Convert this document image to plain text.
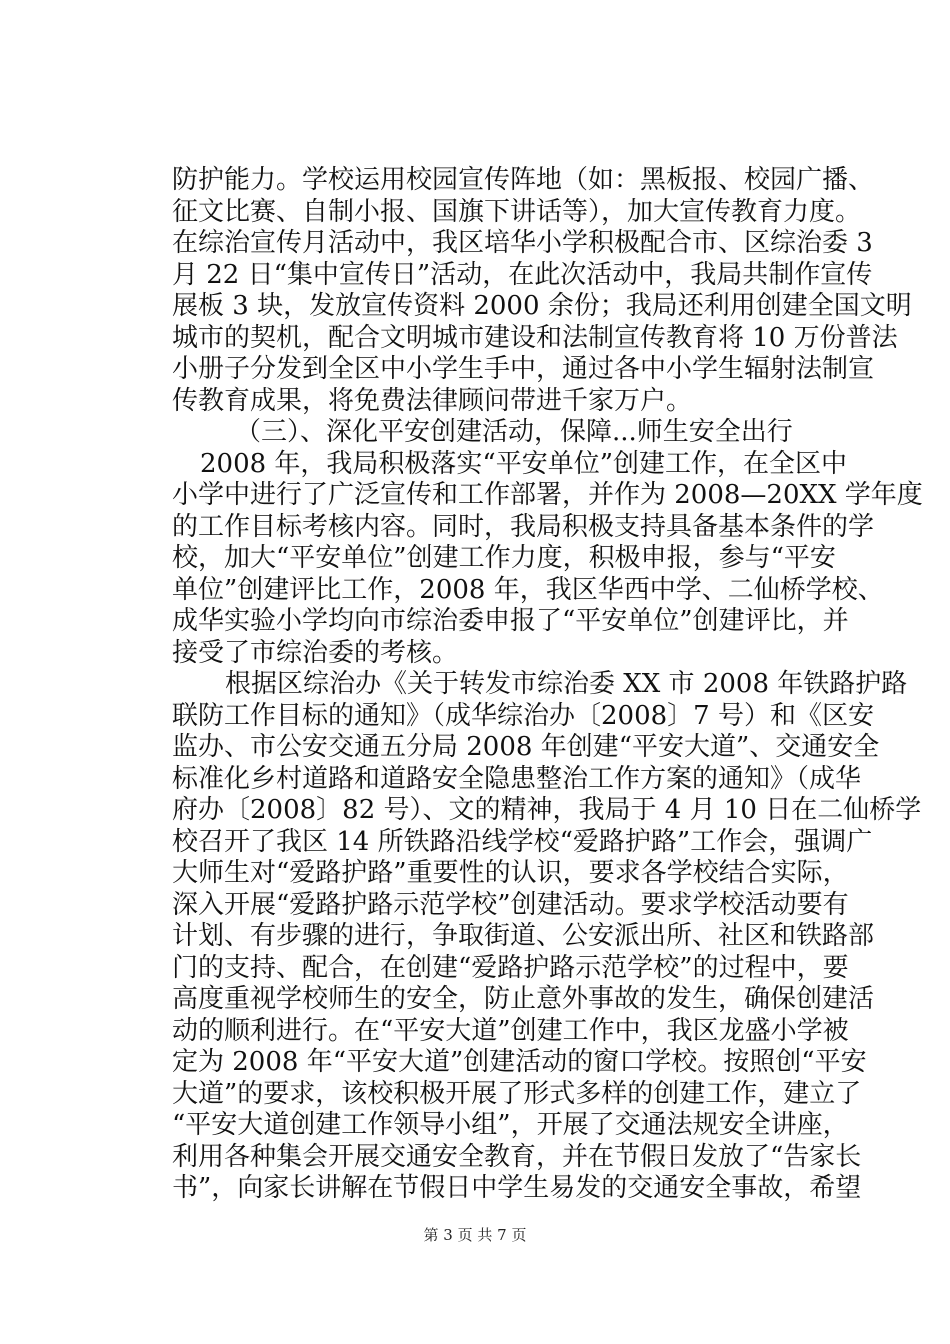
防护能力。学校运用校园宣传阵地（如：黑板报、校园广播、
征文比赛、自制小报、国旗下讲话等），加大宣传教育力度。
在综治宣传月活动中，我区培华小学积极配合市、区综治委 3
月 22 日“集中宣传日”活动，在此次活动中，我局共制作宣传
展板 3 块，发放宣传资料 2000 余份；我局还利用创建全国文明
城市的契机，配合文明城市建设和法制宣传教育将 10 万份普法
小册子分发到全区中小学生手中，通过各中小学生辐射法制宣
传教育成果，将免费法律顾问带进千家万户。
（三）、深化平安创建活动，保障...师生安全出行
2008 年，我局积极落实“平安单位”创建工作，在全区中
小学中进行了广泛宣传和工作部署，并作为 2008—20XX 学年度
的工作目标考核内容。同时，我局积极支持具备基本条件的学
校，加大“平安单位”创建工作力度，积极申报，参与“平安
单位”创建评比工作，2008 年，我区华西中学、二仙桥学校、
成华实验小学均向市综治委申报了“平安单位”创建评比，并
接受了市综治委的考核。
根据区综治办《关于转发市综治委 XX 市 2008 年铁路护路
联防工作目标的通知》（成华综治办〔2008〕7 号）和《区安
监办、市公安交通五分局 2008 年创建“平安大道”、交通安全
标准化乡村道路和道路安全隐患整治工作方案的通知》（成华
府办〔2008〕82 号）、文的精神，我局于 4 月 10 日在二仙桥学
校召开了我区 14 所铁路沿线学校“爱路护路”工作会，强调广
大师生对“爱路护路”重要性的认识，要求各学校结合实际，
深入开展“爱路护路示范学校”创建活动。要求学校活动要有
计划、有步骤的进行，争取街道、公安派出所、社区和铁路部
门的支持、配合，在创建“爱路护路示范学校”的过程中，要
高度重视学校师生的安全，防止意外事故的发生，确保创建活
动的顺利进行。在“平安大道”创建工作中，我区龙盛小学被
定为 2008 年“平安大道”创建活动的窗口学校。按照创“平安
大道”的要求，该校积极开展了形式多样的创建工作，建立了
“平安大道创建工作领导小组”，开展了交通法规安全讲座，
利用各种集会开展交通安全教育，并在节假日发放了“告家长
书”，向家长讲解在节假日中学生易发的交通安全事故，希望
第 3 页 共 7 页
